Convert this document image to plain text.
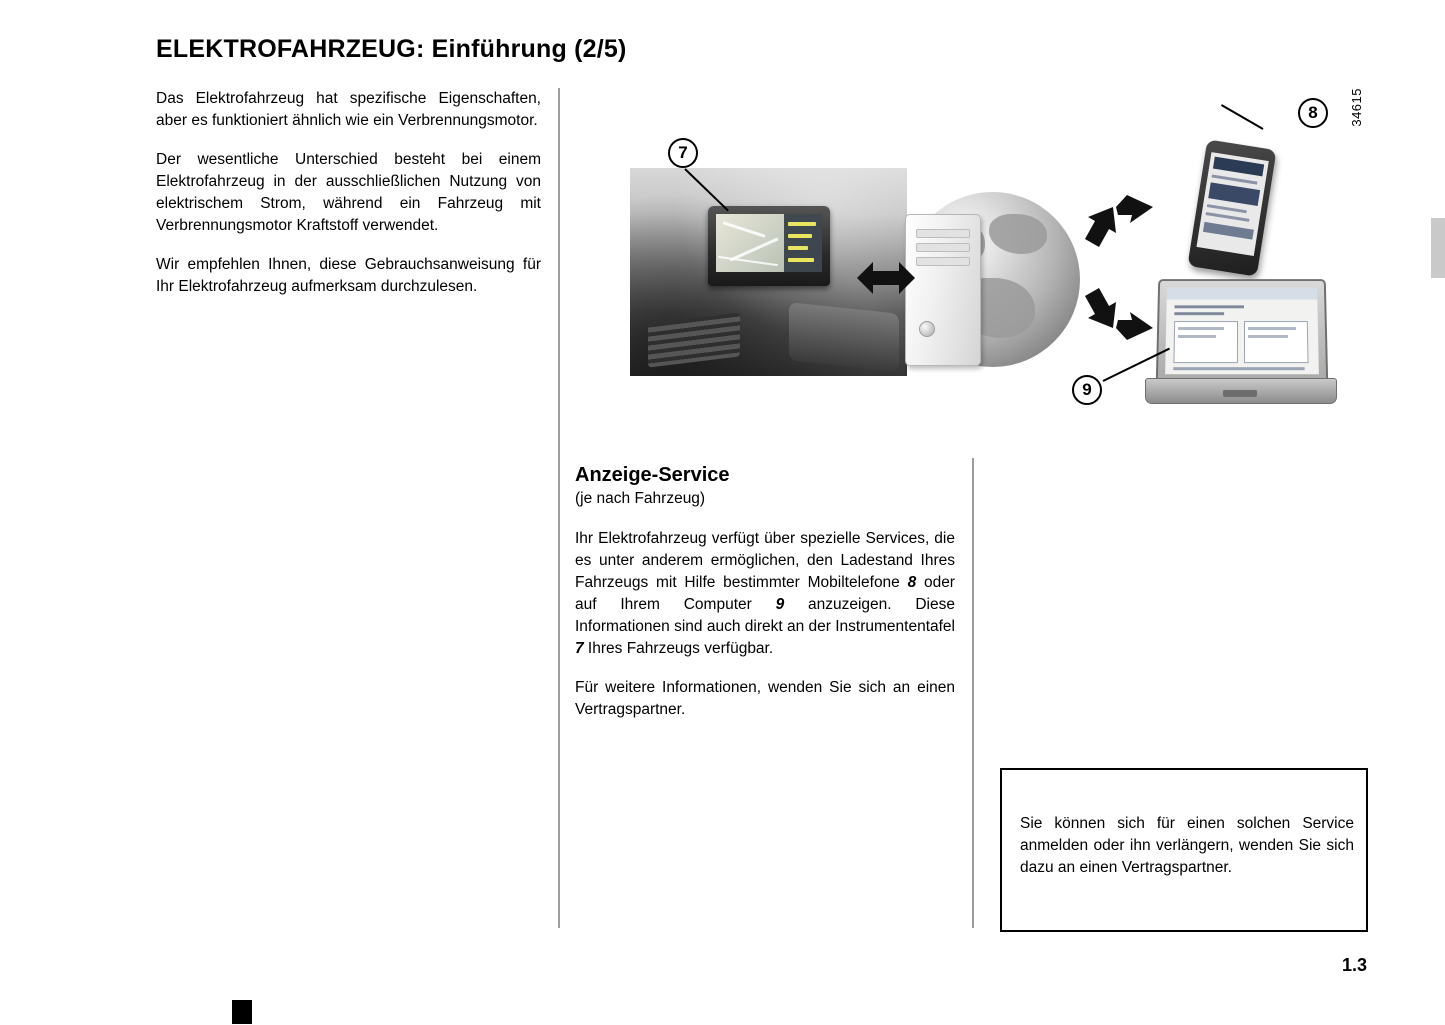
ELEKTROFAHRZEUG: Einführung (2/5)

Das Elektrofahrzeug hat spezifische Eigenschaften, aber es funktioniert ähnlich wie ein Verbrennungsmotor.

Der wesentliche Unterschied besteht bei einem Elektrofahrzeug in der ausschließlichen Nutzung von elektrischem Strom, während ein Fahrzeug mit Verbrennungsmotor Kraftstoff verwendet.

Wir empfehlen Ihnen, diese Gebrauchsanweisung für Ihr Elektrofahrzeug aufmerksam durchzulesen.

7
8
9
34615
Anzeige-Service
(je nach Fahrzeug)

Ihr Elektrofahrzeug verfügt über spezielle Services, die es unter anderem ermöglichen, den Ladestand Ihres Fahrzeugs mit Hilfe bestimmter Mobiltelefone 8 oder auf Ihrem Computer 9 anzuzeigen. Diese Informationen sind auch direkt an der Instrumententafel 7 Ihres Fahrzeugs verfügbar.

Für weitere Informationen, wenden Sie sich an einen Vertragspartner.

Sie können sich für einen solchen Service anmelden oder ihn verlängern, wenden Sie sich dazu an einen Vertragspartner.

1.3
